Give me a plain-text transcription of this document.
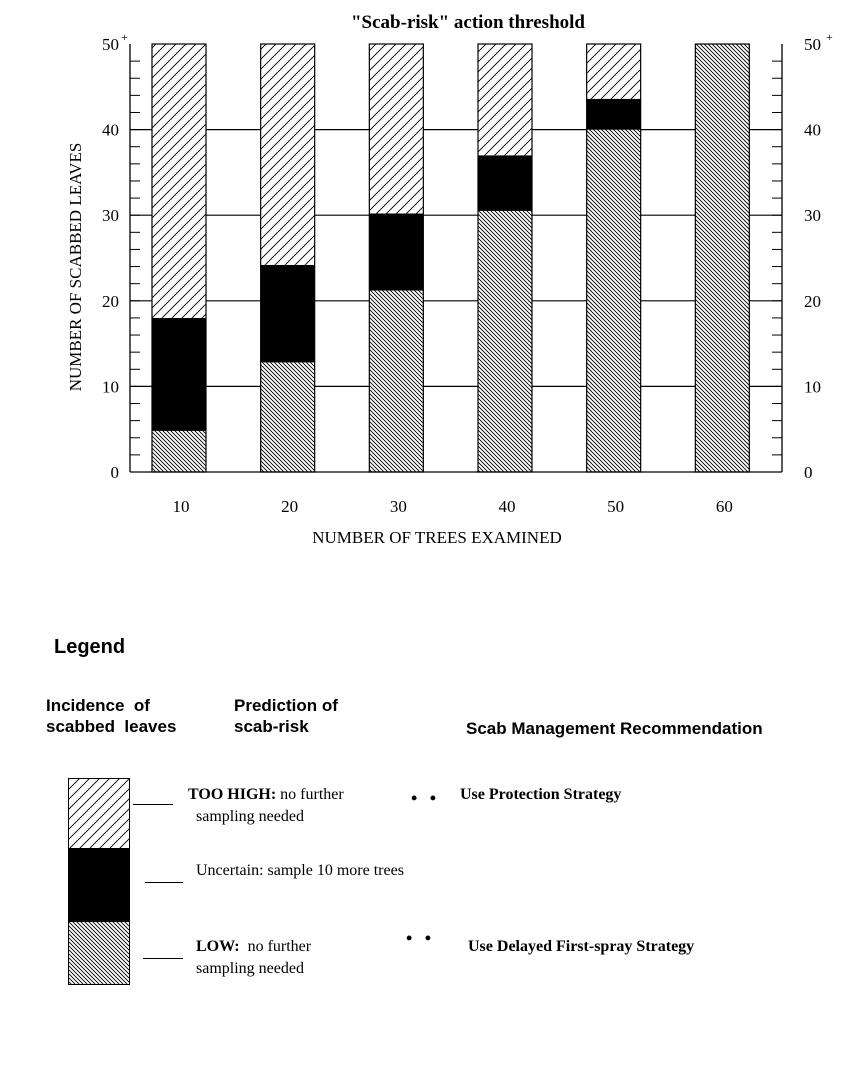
10	20	30	40	50	60
0	0
10	10
20	20
30	30
40	40
50	50
+	+
"Scab-risk" action threshold
NUMBER OF TREES EXAMINED
NUMBER OF SCABBED LEAVES
Legend
Incidence  of
scabbed  leaves
Prediction of
scab-risk	Scab Management Recommendation
TOO HIGH: no further
sampling needed
Uncertain: sample 10 more trees
LOW:  no further
sampling needed
• •
• •
Use Protection Strategy
Use Delayed First-spray Strategy
